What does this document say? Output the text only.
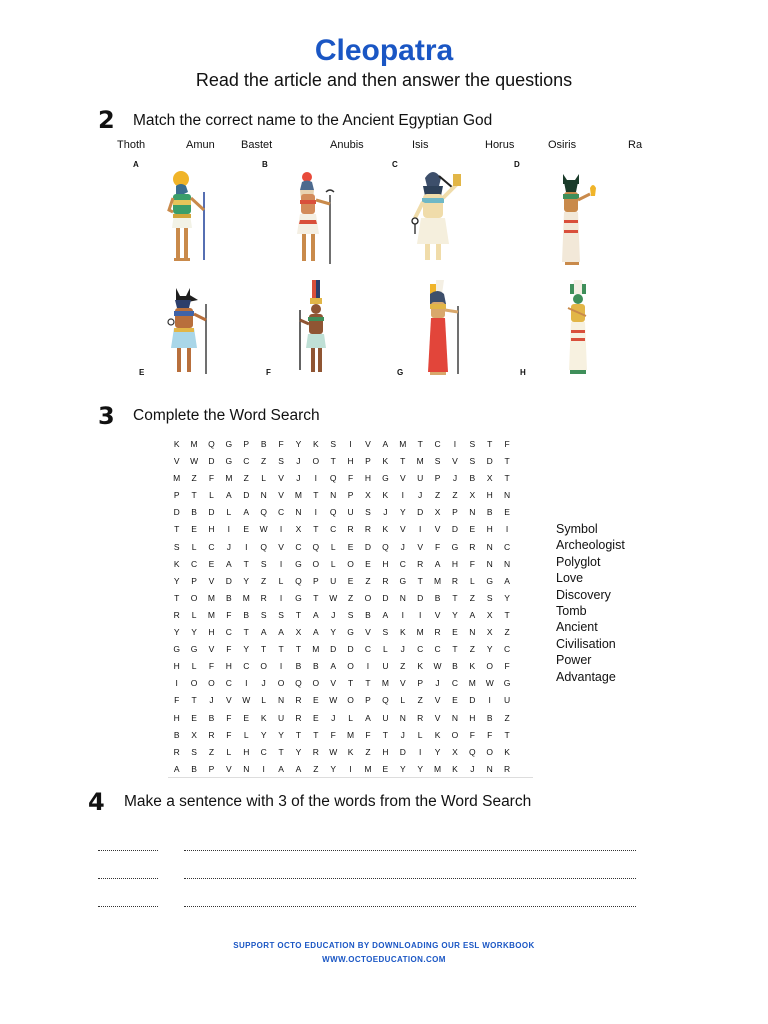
Cleopatra
Read the article and then answer the questions
2 Match the correct name to the Ancient Egyptian God
Thoth	Amun Bastet	Anubis	Isis	Horus	Osiris	Ra
A	B	C	D
E	F	G	H
3 Complete the Word Search
K	M	Q	G	P	B	F	Y	K	S	I	V	A	M	T	C	I	S	T	F
V	W	D	G	C	Z	S	J	O	T	H	P	K	T	M	S	V	S	D	T
M	Z	F	M	Z	L	V	J	I	Q	F	H	G	V	U	P	J	B	X	T
P	T	L	A	D	N	V	M	T	N	P	X	K	I	J	Z	Z	X	H	N
D	B	D	L	A	Q	C	N	I	Q	U	S	J	Y	D	X	P	N	B	E
T	E	H	I	E	W	I	X	T	C	R	R	K	V	I	V	D	E	H	I
S	L	C	J	I	Q	V	C	Q	L	E	D	Q	J	V	F	G	R	N	C
K	C	E	A	T	S	I	G	O	L	O	E	H	C	R	A	H	F	N	N
Y	P	V	D	Y	Z	L	Q	P	U	E	Z	R	G	T	M	R	L	G	A
T	O	M	B	M	R	I	G	T	W	Z	O	D	N	D	B	T	Z	S	Y
R	L	M	F	B	S	S	T	A	J	S	B	A	I	I	V	Y	A	X	T
Y	Y	H	C	T	A	A	X	A	Y	G	V	S	K	M	R	E	N	X	Z
G	G	V	F	Y	T	T	T	M	D	D	C	L	J	C	C	T	Z	Y	C
H	L	F	H	C	O	I	B	B	A	O	I	U	Z	K	W	B	K	O	F
I	O	O	C	I	J	O	Q	O	V	T	T	M	V	P	J	C	M	W	G
F	T	J	V	W	L	N	R	E	W	O	P	Q	L	Z	V	E	D	I	U
H	E	B	F	E	K	U	R	E	J	L	A	U	N	R	V	N	H	B	Z
B	X	R	F	L	Y	Y	T	T	F	M	F	T	J	L	K	O	F	F	T
R	S	Z	L	H	C	T	Y	R	W	K	Z	H	D	I	Y	X	Q	O	K
A	B	P	V	N	I	A	A	Z	Y	I	M	E	Y	Y	M	K	J	N	R
Symbol
Archeologist
Polyglot
Love
Discovery
Tomb
Ancient
Civilisation
Power
Advantage
4 Make a sentence with 3 of the words from the Word Search
SUPPORT OCTO EDUCATION BY DOWNLOADING OUR ESL WORKBOOK
WWW.OCTOEDUCATION.COM
